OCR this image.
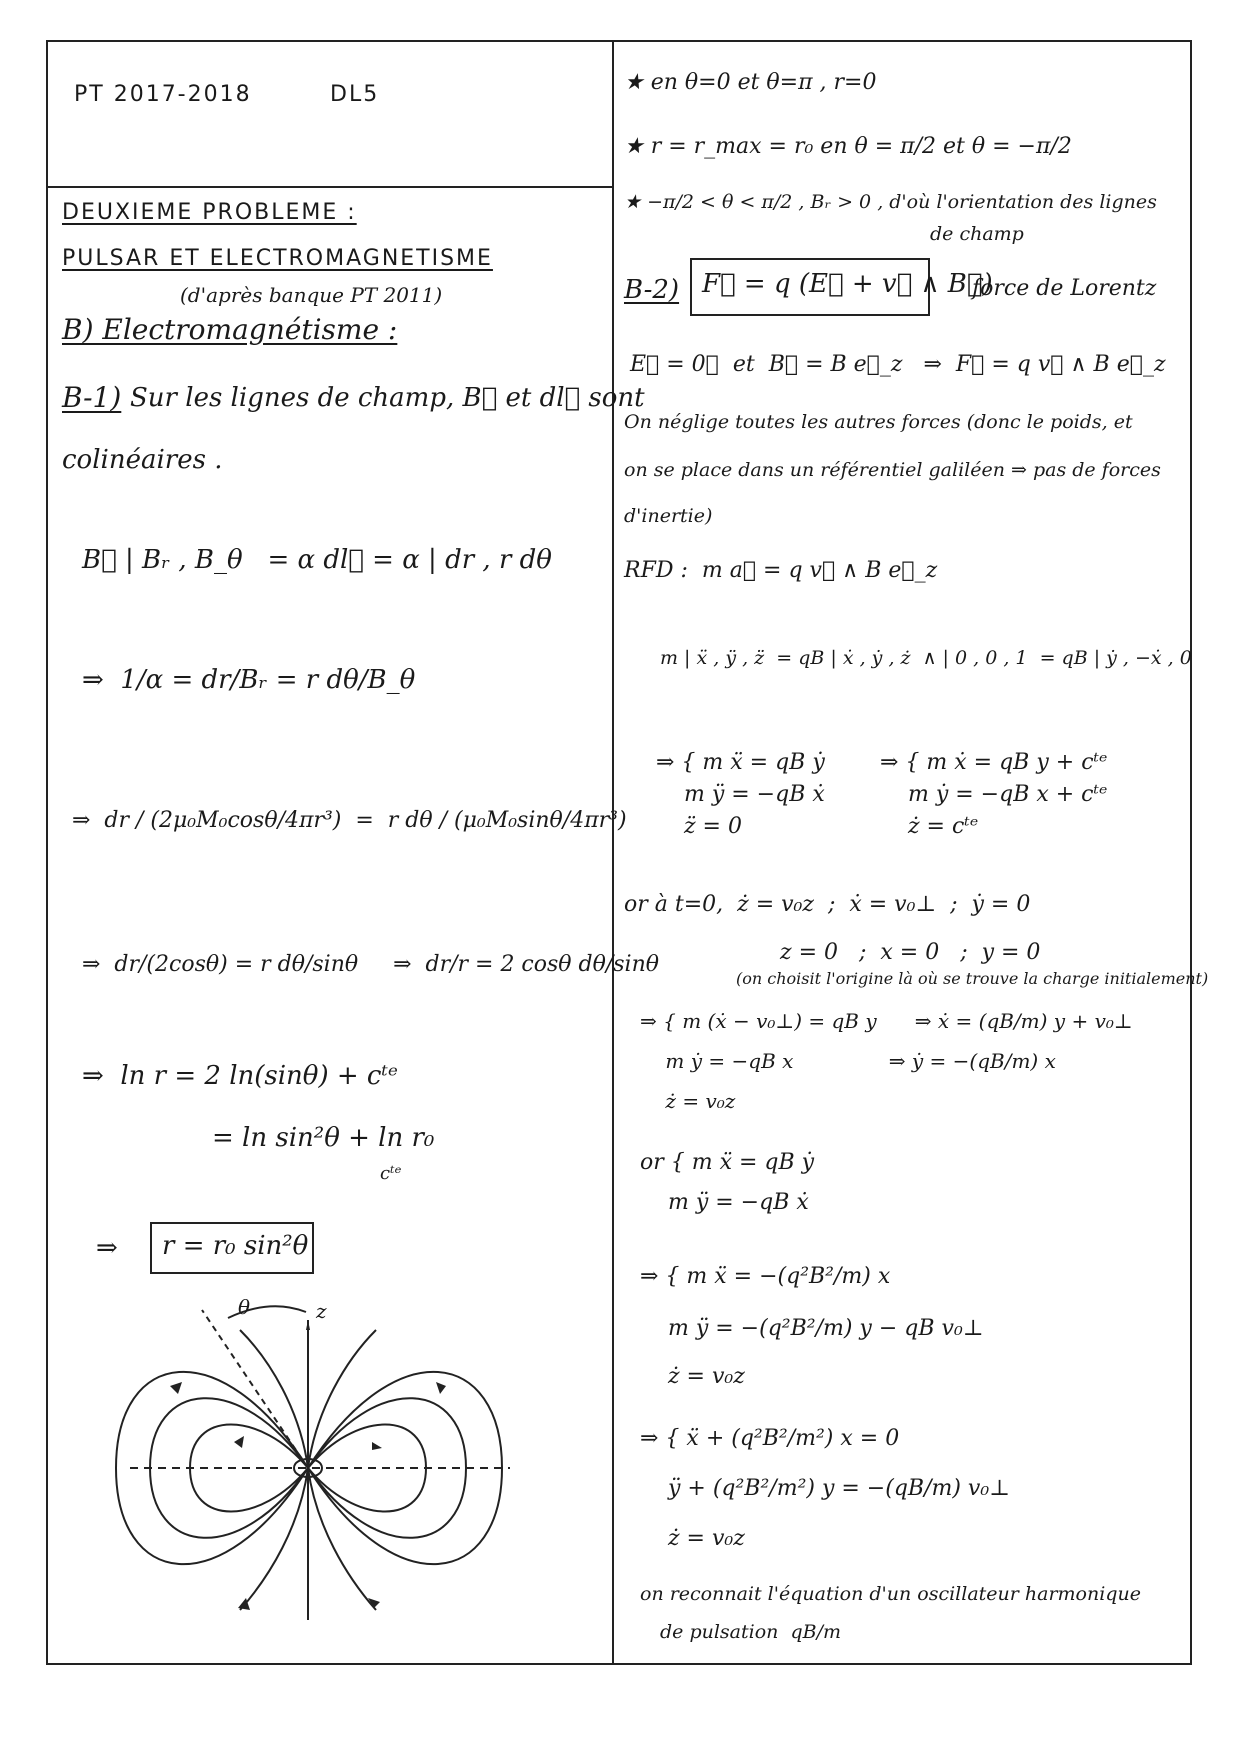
PT 2017-2018	DL5
DEUXIEME PROBLEME :
PULSAR ET ELECTROMAGNETISME
(d'après banque PT 2011)
B) Electromagnétisme :
B-1) Sur les lignes de champ, B⃗ et dl⃗ sont
colinéaires .
B⃗ | Bᵣ , B_θ   = α dl⃗ = α | dr , r dθ
⇒  1/α = dr/Bᵣ = r dθ/B_θ
⇒  dr / (2μ₀M₀cosθ/4πr³)  =  r dθ / (μ₀M₀sinθ/4πr³)
⇒  dr/(2cosθ) = r dθ/sinθ     ⇒  dr/r = 2 cosθ dθ/sinθ
⇒  ln r = 2 ln(sinθ) + cᵗᵉ
= ln sin²θ + ln r₀
cᵗᵉ
⇒ r = r₀ sin²θ
θ	z
★ en θ=0 et θ=π , r=0
★ r = r_max = r₀ en θ = π/2 et θ = −π/2
★ −π/2 < θ < π/2 , Bᵣ > 0 , d'où l'orientation des lignes
de champ
B-2) F⃗ = q (E⃗ + v⃗ ∧ B⃗)
force de Lorentz
E⃗ = 0⃗  et  B⃗ = B e⃗_z   ⇒  F⃗ = q v⃗ ∧ B e⃗_z
On néglige toutes les autres forces (donc le poids, et
on se place dans un référentiel galiléen ⇒ pas de forces
d'inertie)
RFD :  m a⃗ = q v⃗ ∧ B e⃗_z
m | ẍ , ÿ , z̈  = qB | ẋ , ẏ , ż  ∧ | 0 , 0 , 1  = qB | ẏ , −ẋ , 0
⇒ { m ẍ = qB ẏ
m ÿ = −qB ẋ
z̈ = 0
⇒ { m ẋ = qB y + cᵗᵉ
m ẏ = −qB x + cᵗᵉ
ż = cᵗᵉ
or à t=0,  ż = v₀z  ;  ẋ = v₀⊥  ;  ẏ = 0
z = 0   ;  x = 0   ;  y = 0
(on choisit l'origine là où se trouve la charge initialement)
⇒ { m (ẋ − v₀⊥) = qB y      ⇒ ẋ = (qB/m) y + v₀⊥
m ẏ = −qB x               ⇒ ẏ = −(qB/m) x
ż = v₀z
or { m ẍ = qB ẏ
m ÿ = −qB ẋ
⇒ { m ẍ = −(q²B²/m) x
m ÿ = −(q²B²/m) y − qB v₀⊥
ż = v₀z
⇒ { ẍ + (q²B²/m²) x = 0
ÿ + (q²B²/m²) y = −(qB/m) v₀⊥
ż = v₀z
on reconnait l'équation d'un oscillateur harmonique
de pulsation  qB/m
